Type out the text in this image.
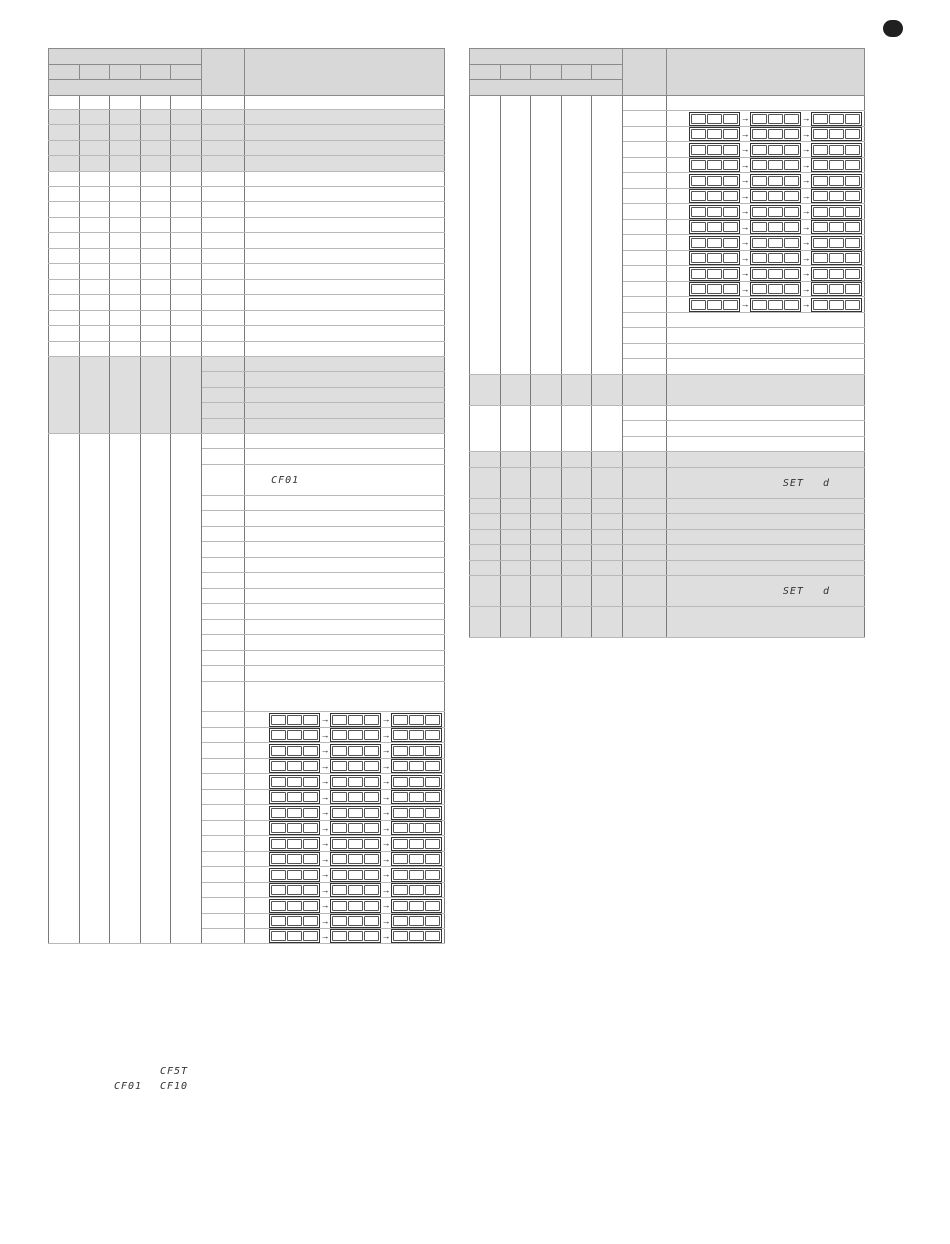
						CF01

						→ →

						→ →

						→ →

						→ →

						→ →

						→ →

						→ →

						→ →

						→ →

						→ →

						→ →

						→ →

						→ →

						→ →

						→ →

						→ →

						→ →

						→ →

						→ →

						→ →

						→ →

						→ →

						→ →

						→ →

						→ →

						→ →

						→ →

						→ →

						SET d

						SET d

CF5T
CF01 CF10
